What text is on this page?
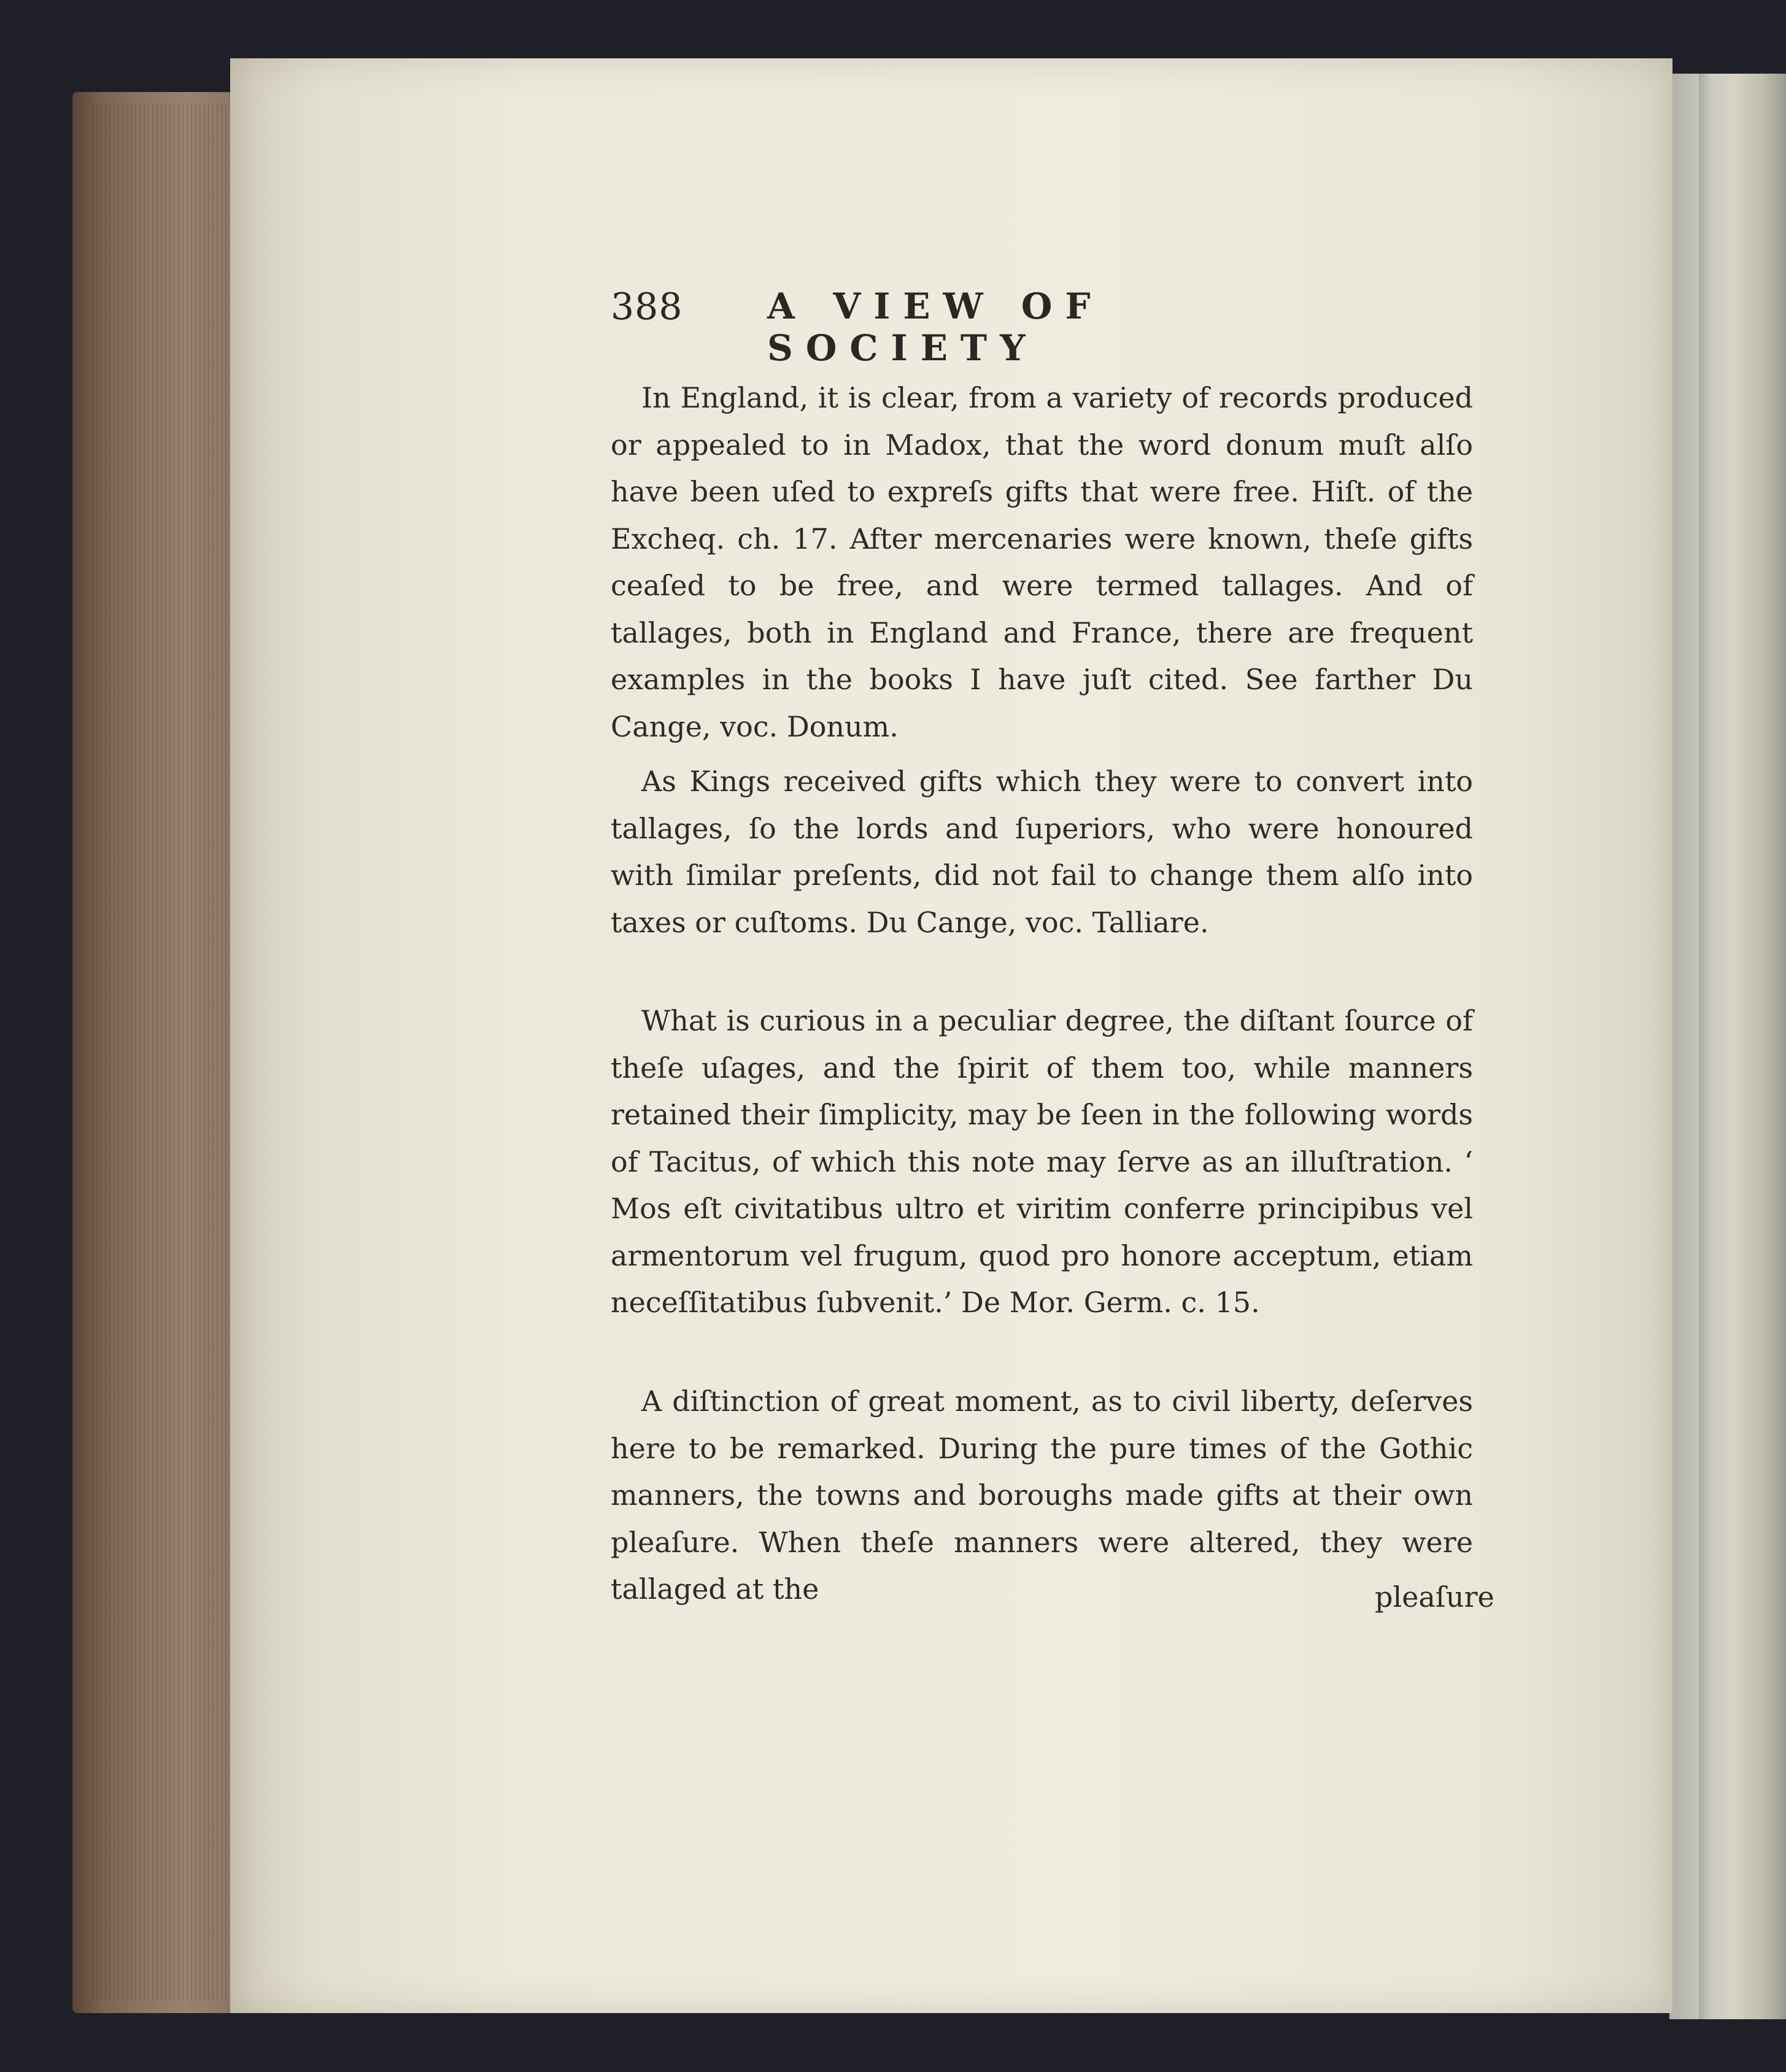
388 A VIEW OF SOCIETY

In England, it is clear, from a variety of records produced or appealed to in Madox, that the word donum muſt alſo have been uſed to expreſs gifts that were free. Hiſt. of the Excheq. ch. 17. After mercenaries were known, theſe gifts ceaſed to be free, and were termed tallages. And of tallages, both in England and France, there are frequent examples in the books I have juſt cited. See farther Du Cange, voc. Donum.

As Kings received gifts which they were to convert into tallages, ſo the lords and ſuperiors, who were honoured with ſimilar preſents, did not fail to change them alſo into taxes or cuſtoms. Du Cange, voc. Talliare.

What is curious in a peculiar degree, the diſtant ſource of theſe uſages, and the ſpirit of them too, while manners retained their ſimplicity, may be ſeen in the following words of Tacitus, of which this note may ſerve as an illuſtration. ‘ Mos eſt civitatibus ultro et viritim conferre principibus vel armentorum vel frugum, quod pro honore acceptum, etiam neceſſitatibus ſubvenit.’ De Mor. Germ. c. 15.

A diſtinction of great moment, as to civil liberty, deſerves here to be remarked. During the pure times of the Gothic manners, the towns and boroughs made gifts at their own pleaſure. When theſe manners were altered, they were tallaged at the	pleaſure
